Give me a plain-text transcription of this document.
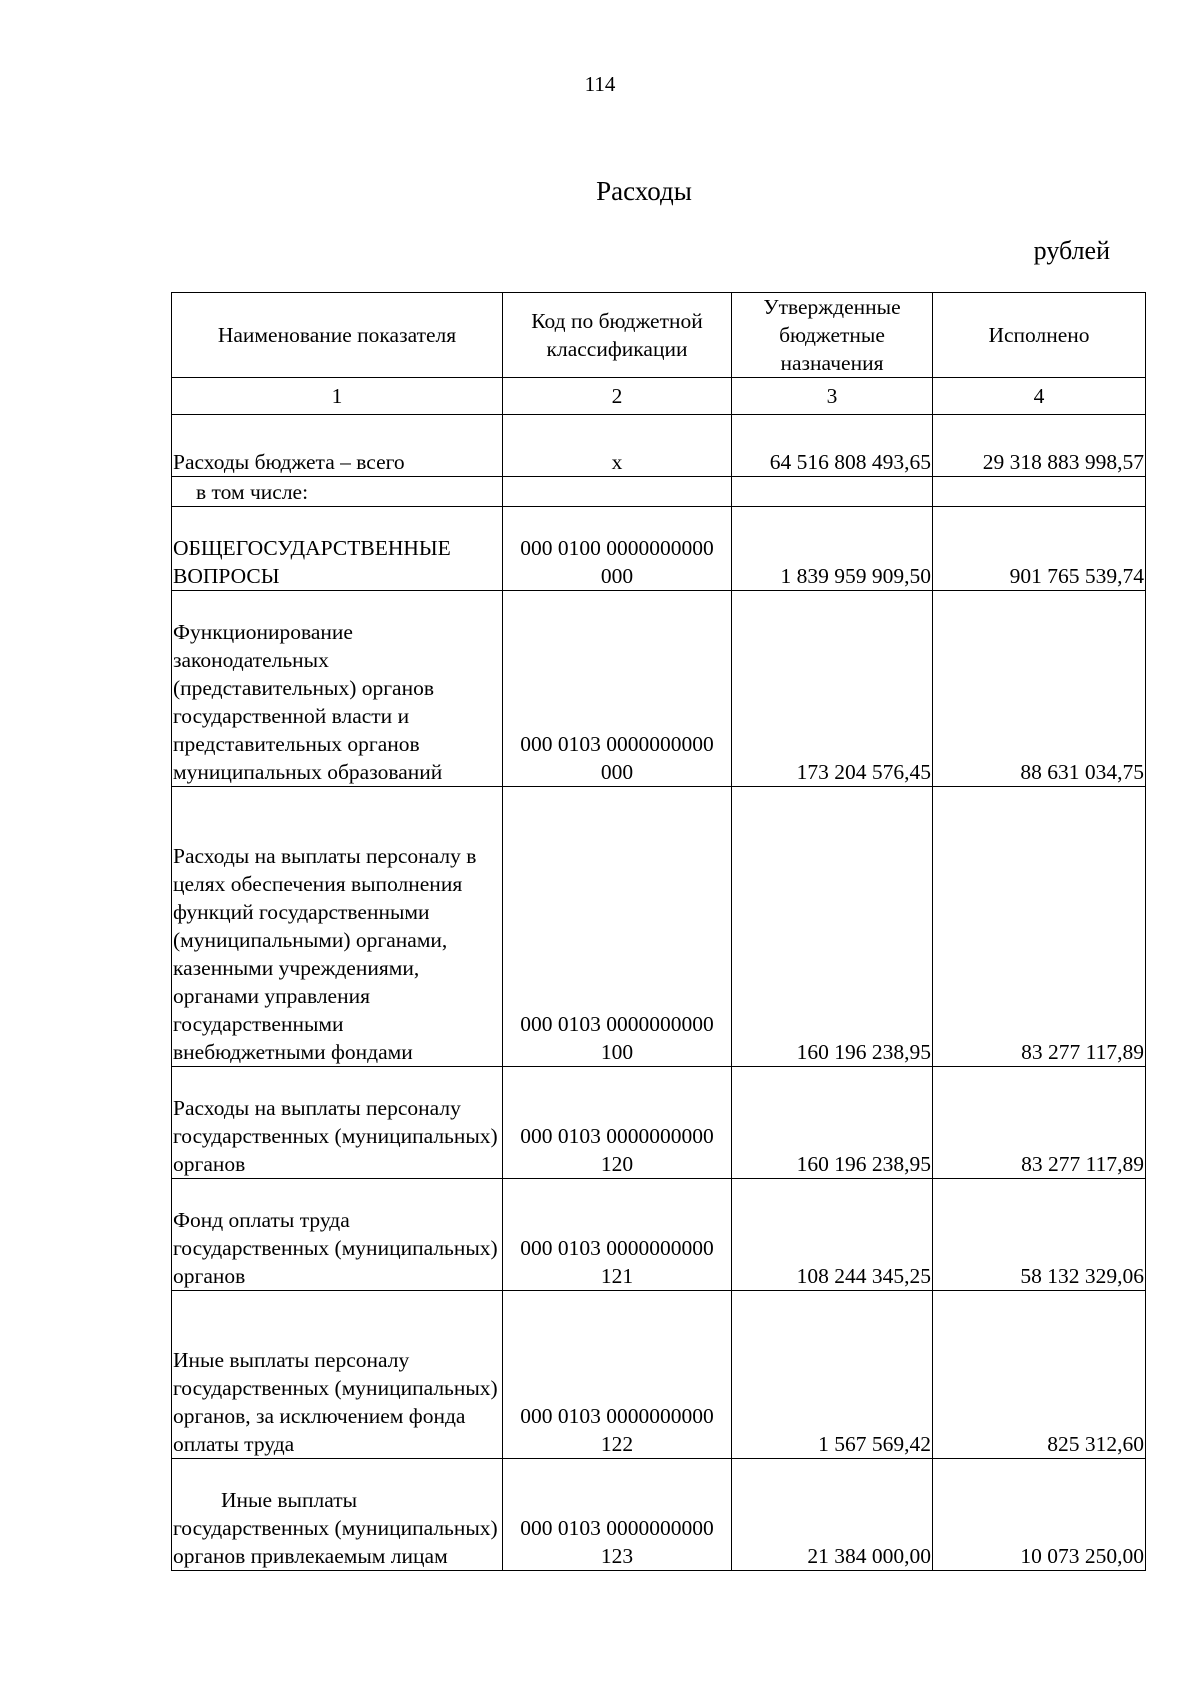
114
Расходы
рублей
Наименование показателя	Код по бюджетной классификации	Утвержденные бюджетные назначения	Исполнено
1	2	3	4
Расходы бюджета – всего	x	64 516 808 493,65	29 318 883 998,57
в том числе:			
ОБЩЕГОСУДАРСТВЕННЫЕ ВОПРОСЫ	000 0100 0000000000 000	1 839 959 909,50	901 765 539,74
Функционирование законодательных (представительных) органов государственной власти и представительных органов муниципальных образований	000 0103 0000000000 000	173 204 576,45	88 631 034,75
Расходы на выплаты персоналу в целях обеспечения выполнения функций государственными (муниципальными) органами, казенными учреждениями, органами управления государственными внебюджетными фондами	000 0103 0000000000 100	160 196 238,95	83 277 117,89
Расходы на выплаты персоналу государственных (муниципальных) органов	000 0103 0000000000 120	160 196 238,95	83 277 117,89
Фонд оплаты труда государственных (муниципальных) органов	000 0103 0000000000 121	108 244 345,25	58 132 329,06
Иные выплаты персоналу государственных (муниципальных) органов, за исключением фонда оплаты труда	000 0103 0000000000 122	1 567 569,42	825 312,60
Иные выплаты государственных (муниципальных) органов привлекаемым лицам	000 0103 0000000000 123	21 384 000,00	10 073 250,00
